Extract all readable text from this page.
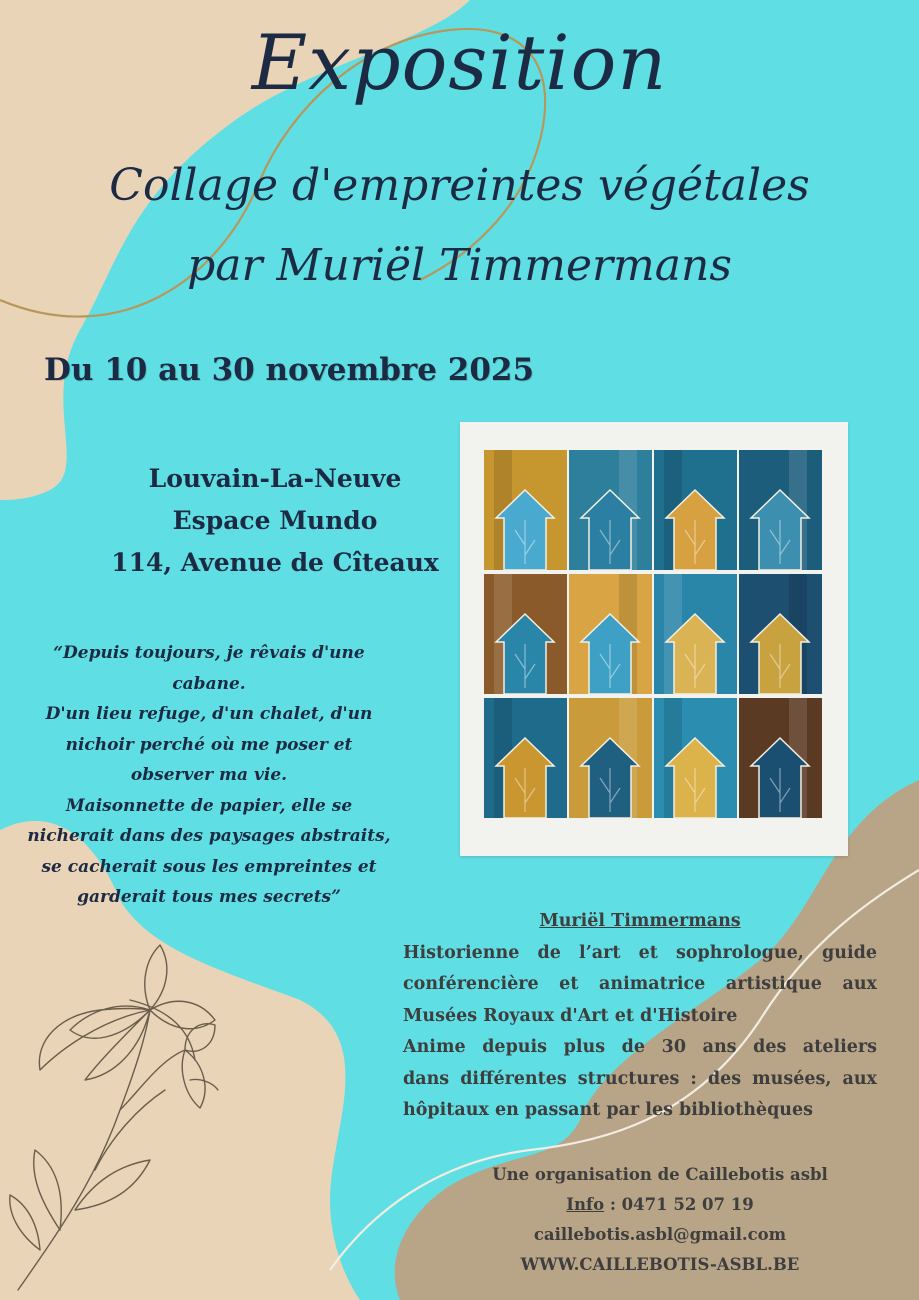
Exposition
Collage d'empreintes végétales
par Muriël Timmermans
Du 10 au 30 novembre 2025
Louvain-La-Neuve
Espace Mundo
114, Avenue de Cîteaux
“Depuis toujours, je rêvais d'une
cabane.
D'un lieu refuge, d'un chalet, d'un
nichoir perché où me poser et
observer ma vie.
Maisonnette de papier, elle se
nicherait dans des paysages abstraits,
se cacherait sous les empreintes et
garderait tous mes secrets”
Muriël Timmermans
Historienne de l’art et sophrologue, guide
conférencière et animatrice artistique aux
Musées Royaux d'Art et d'Histoire
Anime depuis plus de 30 ans des ateliers
dans différentes structures : des musées, aux
hôpitaux en passant par les bibliothèques
Une organisation de Caillebotis asbl
Info : 0471 52 07 19
caillebotis.asbl@gmail.com
WWW.CAILLEBOTIS-ASBL.BE
